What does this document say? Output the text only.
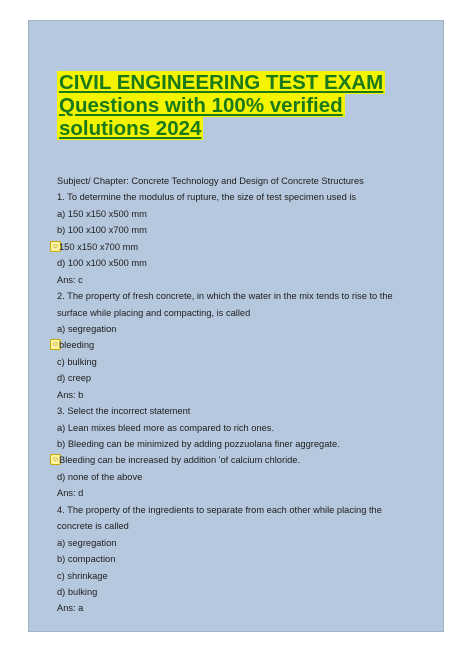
CIVIL ENGINEERING TEST EXAM
Questions with 100% verified
solutions 2024
Subject/ Chapter: Concrete Technology and Design of Concrete Structures
1. To determine the modulus of rupture, the size of test specimen used is
a) 150 x150 x500 mm
b) 100 x100 x700 mm
☺ 150 x150 x700 mm
d) 100 x100 x500 mm
Ans: c
2. The property of fresh concrete, in which the water in the mix tends to rise to the
surface while placing and compacting, is called
a) segregation
☺ bleeding
c) bulking
d) creep
Ans: b
3. Select the incorrect statement
a) Lean mixes bleed more as compared to rich ones.
b) Bleeding can be minimized by adding pozzuolana finer aggregate.
☺ Bleeding can be increased by addition 'of calcium chloride.
d) none of the above
Ans: d
4. The property of the ingredients to separate from each other while placing the
concrete is called
a) segregation
b) compaction
c) shrinkage
d) bulking
Ans: a
